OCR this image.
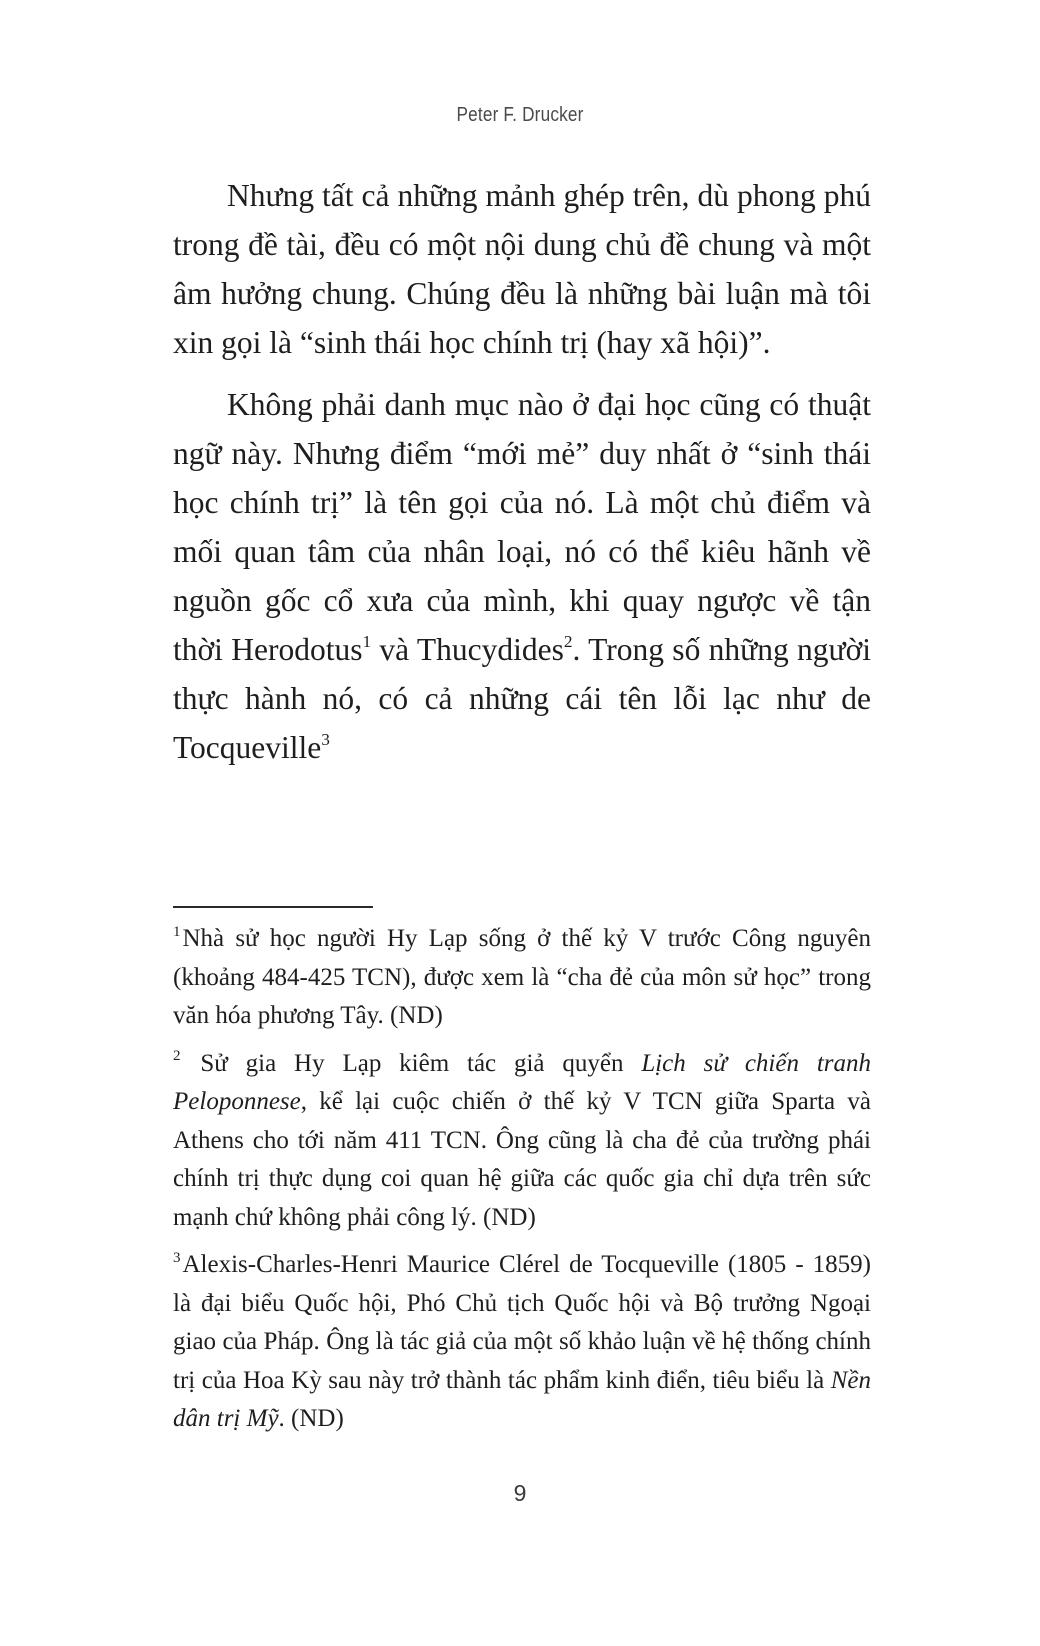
Peter F. Drucker

Nhưng tất cả những mảnh ghép trên, dù phong phú trong đề tài, đều có một nội dung chủ đề chung và một âm hưởng chung. Chúng đều là những bài luận mà tôi xin gọi là “sinh thái học chính trị (hay xã hội)”.

Không phải danh mục nào ở đại học cũng có thuật ngữ này. Nhưng điểm “mới mẻ” duy nhất ở “sinh thái học chính trị” là tên gọi của nó. Là một chủ điểm và mối quan tâm của nhân loại, nó có thể kiêu hãnh về nguồn gốc cổ xưa của mình, khi quay ngược về tận thời Herodotus$^1$ và Thucydides$^2$. Trong số những người thực hành nó, có cả những cái tên lỗi lạc như de Tocqueville$^3$

$^1$Nhà sử học người Hy Lạp sống ở thế kỷ V trước Công nguyên (khoảng 484-425 TCN), được xem là “cha đẻ của môn sử học” trong văn hóa phương Tây. (ND)

$^2$ Sử gia Hy Lạp kiêm tác giả quyển Lịch sử chiến tranh Peloponnese, kể lại cuộc chiến ở thế kỷ V TCN giữa Sparta và Athens cho tới năm 411 TCN. Ông cũng là cha đẻ của trường phái chính trị thực dụng coi quan hệ giữa các quốc gia chỉ dựa trên sức mạnh chứ không phải công lý. (ND)

$^3$Alexis-Charles-Henri Maurice Clérel de Tocqueville (1805 - 1859) là đại biểu Quốc hội, Phó Chủ tịch Quốc hội và Bộ trưởng Ngoại giao của Pháp. Ông là tác giả của một số khảo luận về hệ thống chính trị của Hoa Kỳ sau này trở thành tác phẩm kinh điển, tiêu biểu là Nền dân trị Mỹ. (ND)

9
